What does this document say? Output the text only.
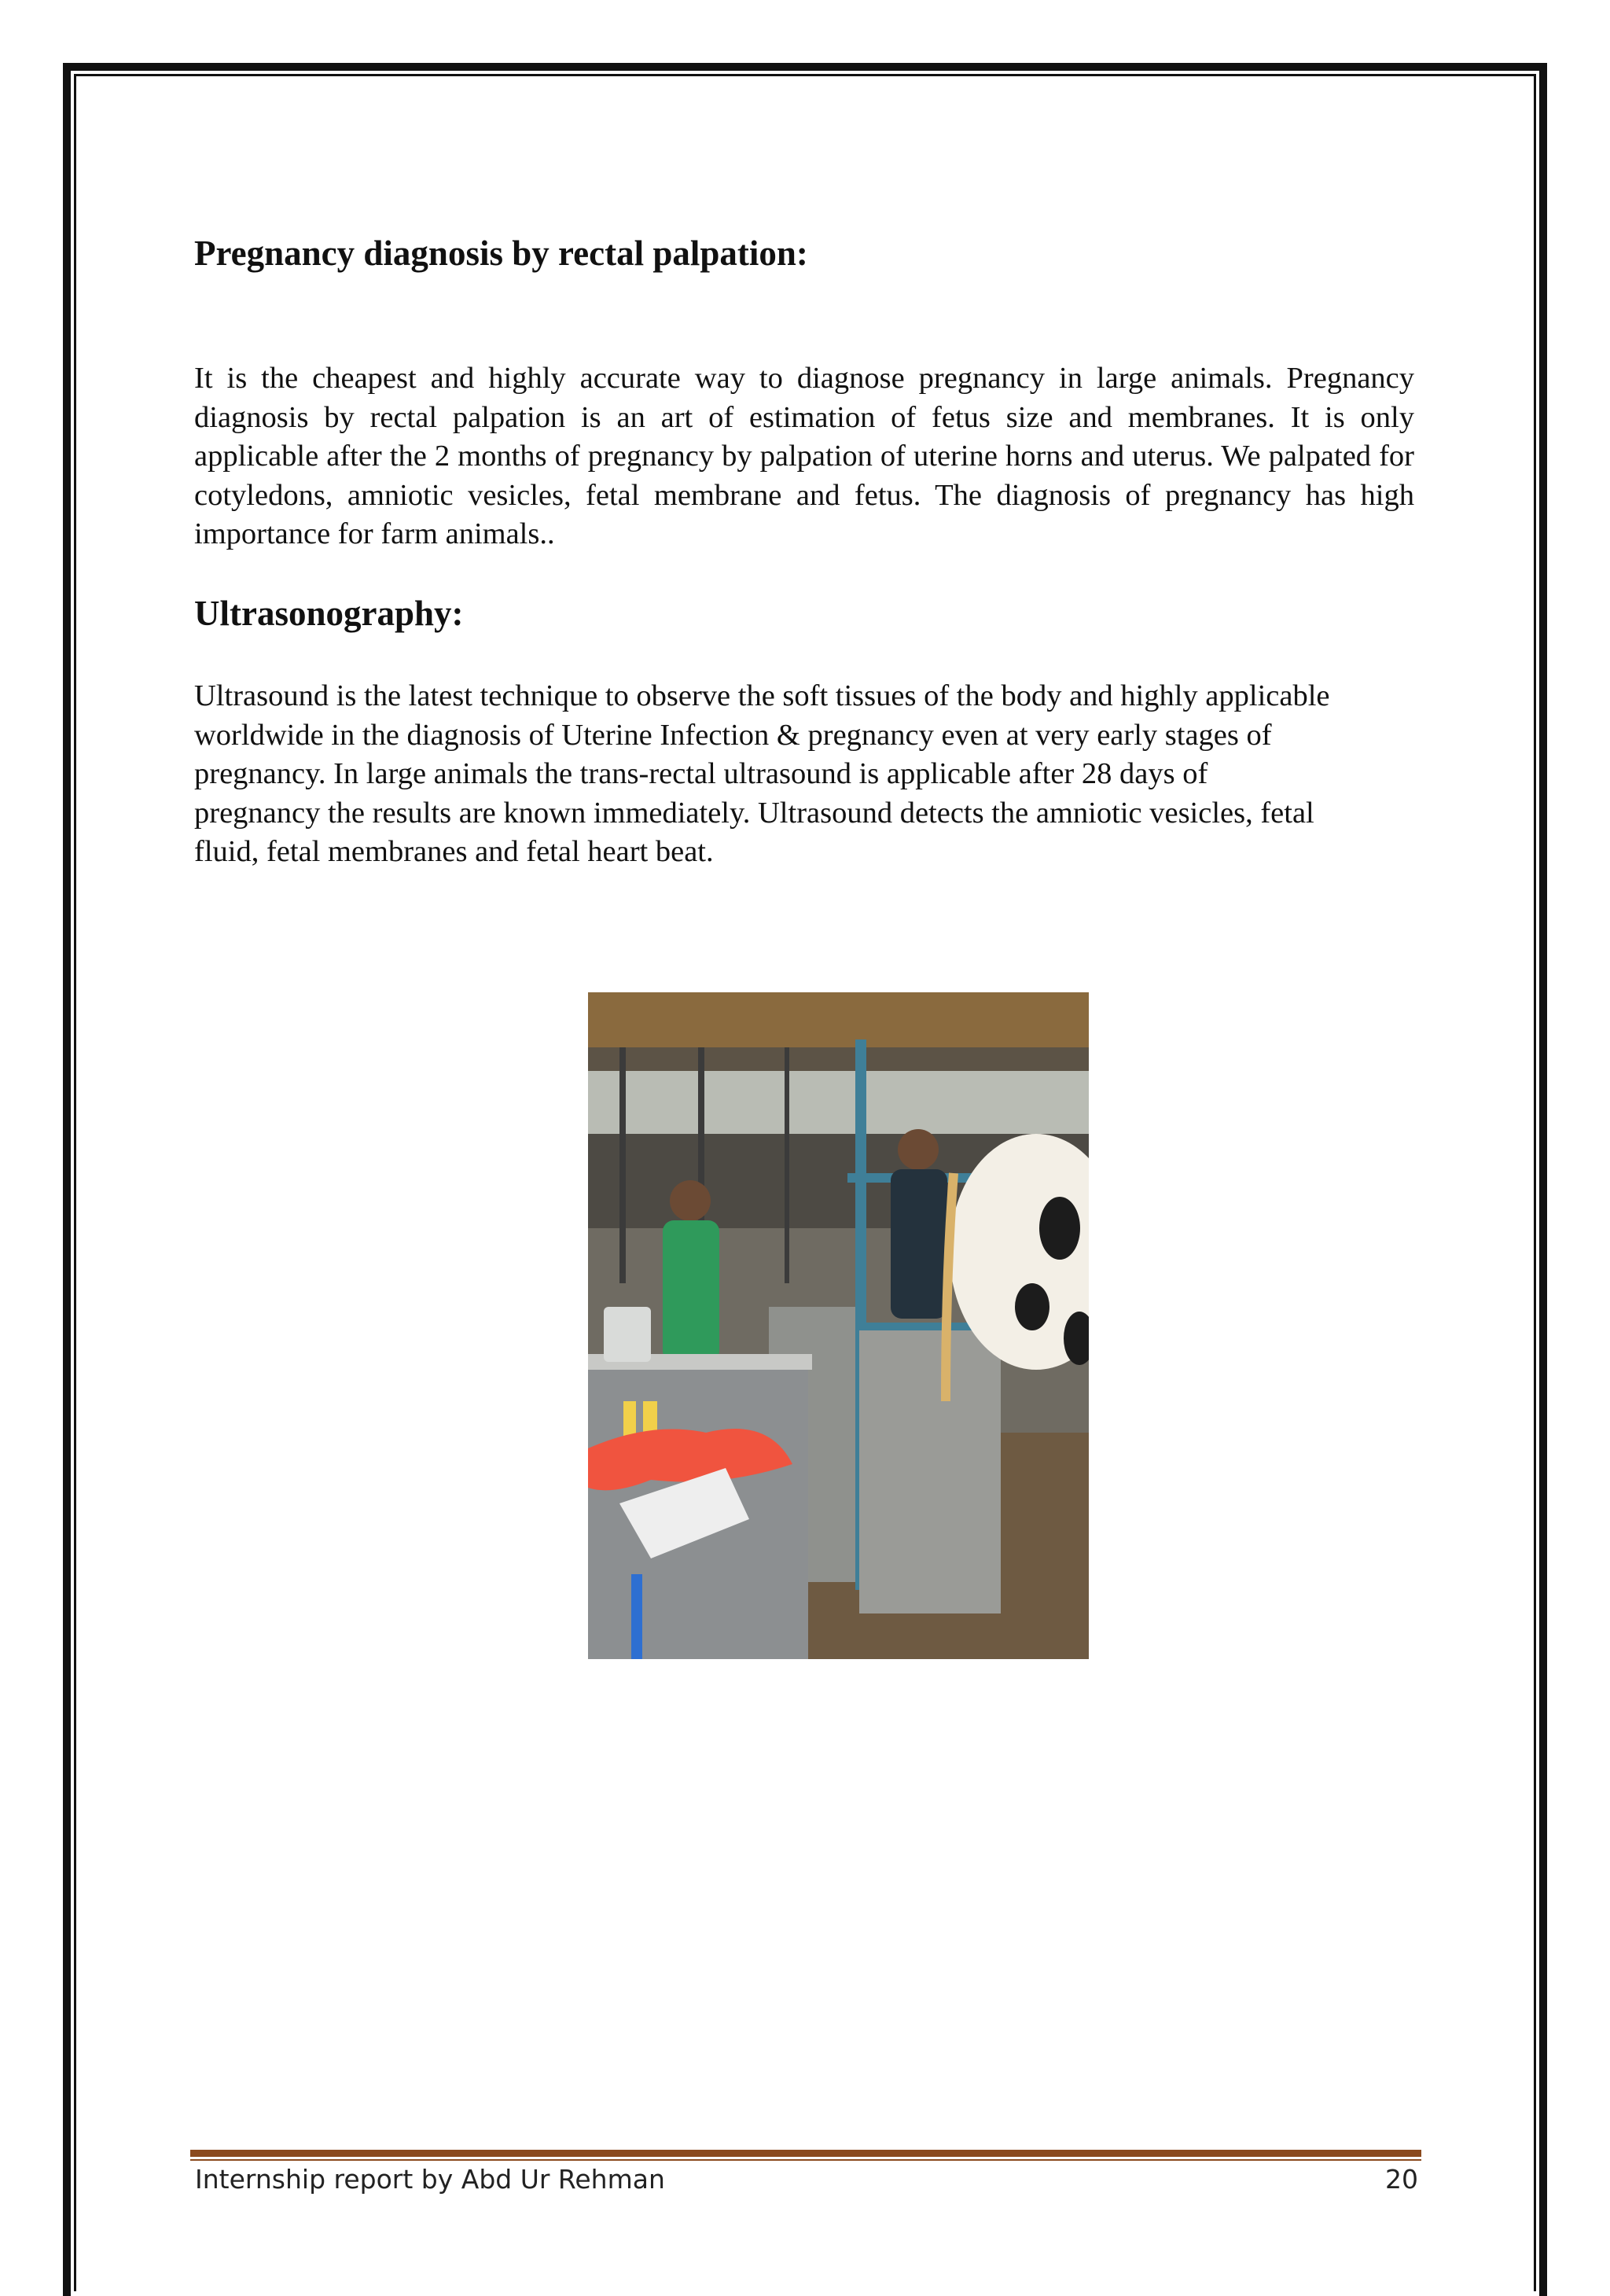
Pregnancy diagnosis by rectal palpation:

It is the cheapest and highly accurate way to diagnose pregnancy in large animals. Pregnancy diagnosis by rectal palpation is an art of estimation of fetus size and membranes. It is only applicable after the 2 months of pregnancy by palpation of uterine horns and uterus. We palpated for cotyledons, amniotic vesicles, fetal membrane and fetus. The diagnosis of pregnancy has high importance for farm animals..

Ultrasonography:
Ultrasound is the latest technique to observe the soft tissues of the body and highly applicable
worldwide in the diagnosis of Uterine Infection & pregnancy even at very early stages of
pregnancy. In large animals the trans-rectal ultrasound is applicable after 28 days of
pregnancy the results are known immediately. Ultrasound detects the amniotic vesicles, fetal
fluid, fetal membranes and fetal heart beat.
Internship report by Abd Ur Rehman	20
